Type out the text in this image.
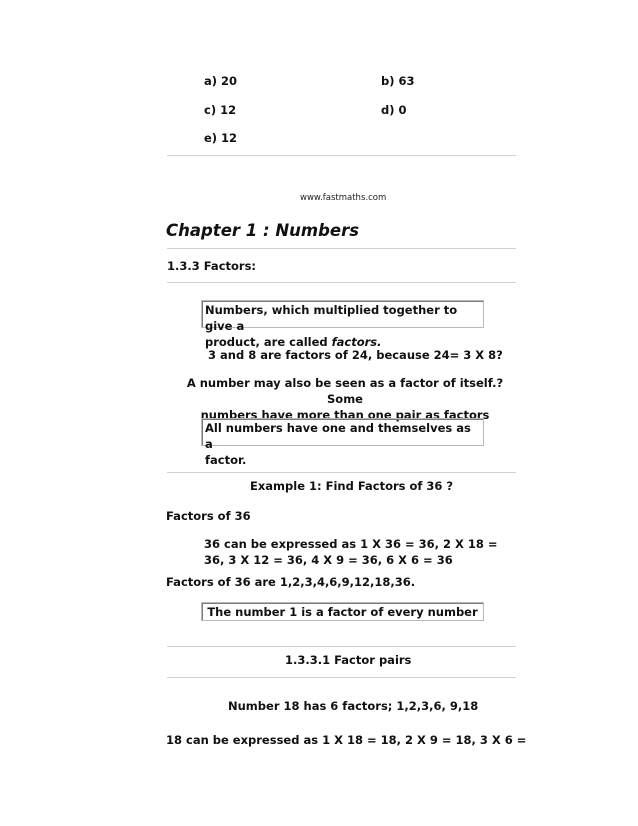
a) 20	b) 63
c) 12	d) 0
e) 12
www.fastmaths.com
Chapter 1 : Numbers
1.3.3 Factors:
Numbers, which multiplied together to give a
product, are called factors.
3 and 8 are factors of 24, because 24= 3 X 8?
A number may also be seen as a factor of itself.?Some
numbers have more than one pair as factors
All numbers have one and themselves as a
factor.
Example 1: Find Factors of 36 ?
Factors of 36
36 can be expressed as 1 X 36 = 36, 2 X 18 =
36, 3 X 12 = 36, 4 X 9 = 36, 6 X 6 = 36
Factors of 36 are 1,2,3,4,6,9,12,18,36.
The number 1 is a factor of every number
1.3.3.1 Factor pairs
Number 18 has 6 factors; 1,2,3,6, 9,18
18 can be expressed as 1 X 18 = 18, 2 X 9 = 18, 3 X 6 =
